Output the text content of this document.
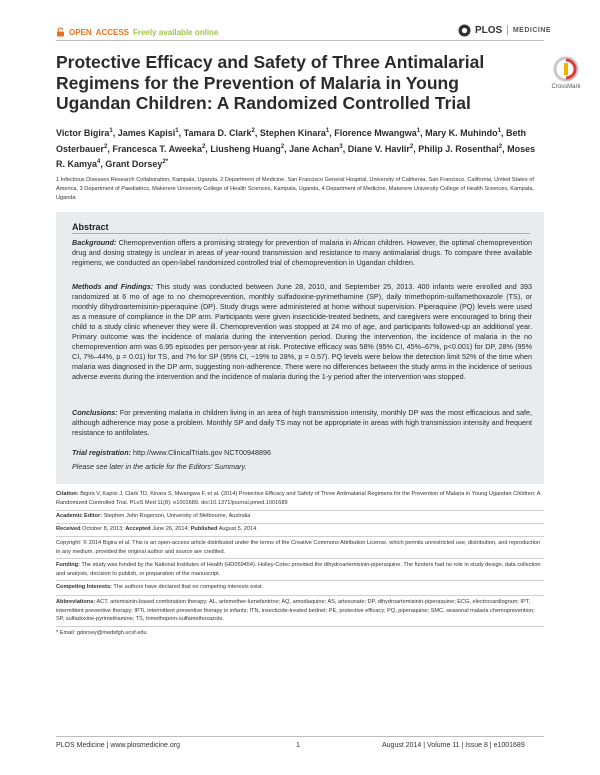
OPEN ACCESS Freely available online	PLOS | MEDICINE
Protective Efficacy and Safety of Three Antimalarial Regimens for the Prevention of Malaria in Young Ugandan Children: A Randomized Controlled Trial
CrossMark
Victor Bigira$^1$, James Kapisi$^1$, Tamara D. Clark$^2$, Stephen Kinara$^1$, Florence Mwangwa$^1$, Mary K. Muhindo$^1$, Beth Osterbauer$^2$, Francesca T. Aweeka$^2$, Liusheng Huang$^2$, Jane Achan$^3$, Diane V. Havlir$^2$, Philip J. Rosenthal$^2$, Moses R. Kamya$^4$, Grant Dorsey$^{2*}$
1 Infectious Diseases Research Collaboration, Kampala, Uganda, 2 Department of Medicine, San Francisco General Hospital, University of California, San Francisco, California, United States of America, 3 Department of Paediatrics, Makerere University College of Health Sciences, Kampala, Uganda, 4 Department of Medicine, Makerere University College of Health Sciences, Kampala, Uganda
Abstract
Background: Chemoprevention offers a promising strategy for prevention of malaria in African children. However, the optimal chemoprevention drug and dosing strategy is unclear in areas of year-round transmission and resistance to many antimalarial drugs. To compare three available regimens, we conducted an open-label randomized controlled trial of chemoprevention in Ugandan children.
Methods and Findings: This study was conducted between June 28, 2010, and September 25, 2013. 400 infants were enrolled and 393 randomized at 6 mo of age to no chemoprevention, monthly sulfadoxine-pyrimethamine (SP), daily trimethoprim-sulfamethoxazole (TS), or monthly dihydroartemisinin-piperaquine (DP). Study drugs were administered at home without supervision. Piperaquine (PQ) levels were used as a measure of compliance in the DP arm. Participants were given insecticide-treated bednets, and caregivers were encouraged to bring their child to a study clinic whenever they were ill. Chemoprevention was stopped at 24 mo of age, and participants followed-up an additional year. Primary outcome was the incidence of malaria during the intervention period. During the intervention, the incidence of malaria in the no chemoprevention arm was 6.95 episodes per person-year at risk. Protective efficacy was 58% (95% CI, 45%–67%, p<0.001) for DP, 28% (95% CI, 7%–44%, p = 0.01) for TS, and 7% for SP (95% CI, −19% to 28%, p = 0.57). PQ levels were below the detection limit 52% of the time when malaria was diagnosed in the DP arm, suggesting non-adherence. There were no differences between the study arms in the incidence of serious adverse events during the intervention and the incidence of malaria during the 1-y period after the intervention was stopped.
Conclusions: For preventing malaria in children living in an area of high transmission intensity, monthly DP was the most efficacious and safe, although adherence may pose a problem. Monthly SP and daily TS may not be appropriate in areas with high transmission intensity and frequent resistance to antifolates.
Trial registration: http://www.ClinicalTrials.gov NCT00948896
Please see later in the article for the Editors' Summary.
Citation: Bigira V, Kapisi J, Clark TD, Kinara S, Mwangwa F, et al. (2014) Protective Efficacy and Safety of Three Antimalarial Regimens for the Prevention of Malaria in Young Ugandan Children: A Randomized Controlled Trial. PLoS Med 11(8): e1001689. doi:10.1371/journal.pmed.1001689
Academic Editor: Stephen John Rogerson, University of Melbourne, Australia
Received October 8, 2013; Accepted June 26, 2014; Published August 5, 2014
Copyright: © 2014 Bigira et al. This is an open-access article distributed under the terms of the Creative Commons Attribution License, which permits unrestricted use, distribution, and reproduction in any medium, provided the original author and source are credited.
Funding: The study was funded by the National Institutes of Health (HD059454). Holley-Cotec provided the dihydroartemisinin-piperaquine. The funders had no role in study design, data collection and analysis, decision to publish, or preparation of the manuscript.
Competing Interests: The authors have declared that no competing interests exist.
Abbreviations: ACT, artemisinin-based combination therapy; AL, artemether-lumefantrine; AQ, amodiaquine; AS, artesunate; DP, dihydroartemisinin-piperaquine; ECG, electrocardiogram; IPT, intermittent preventive therapy; IPTi, intermittent preventive therapy in infants; ITN, insecticide-treated bednet; PE, protective efficacy; PQ, piperaquine; SMC, seasonal malaria chemoprevention; SP, sulfadoxine-pyrimethamine; TS, trimethoprim-sulfamethoxazole.
* Email: gdorsey@medsfgh.ucsf.edu
PLOS Medicine | www.plosmedicine.org	1	August 2014 | Volume 11 | Issue 8 | e1001689
